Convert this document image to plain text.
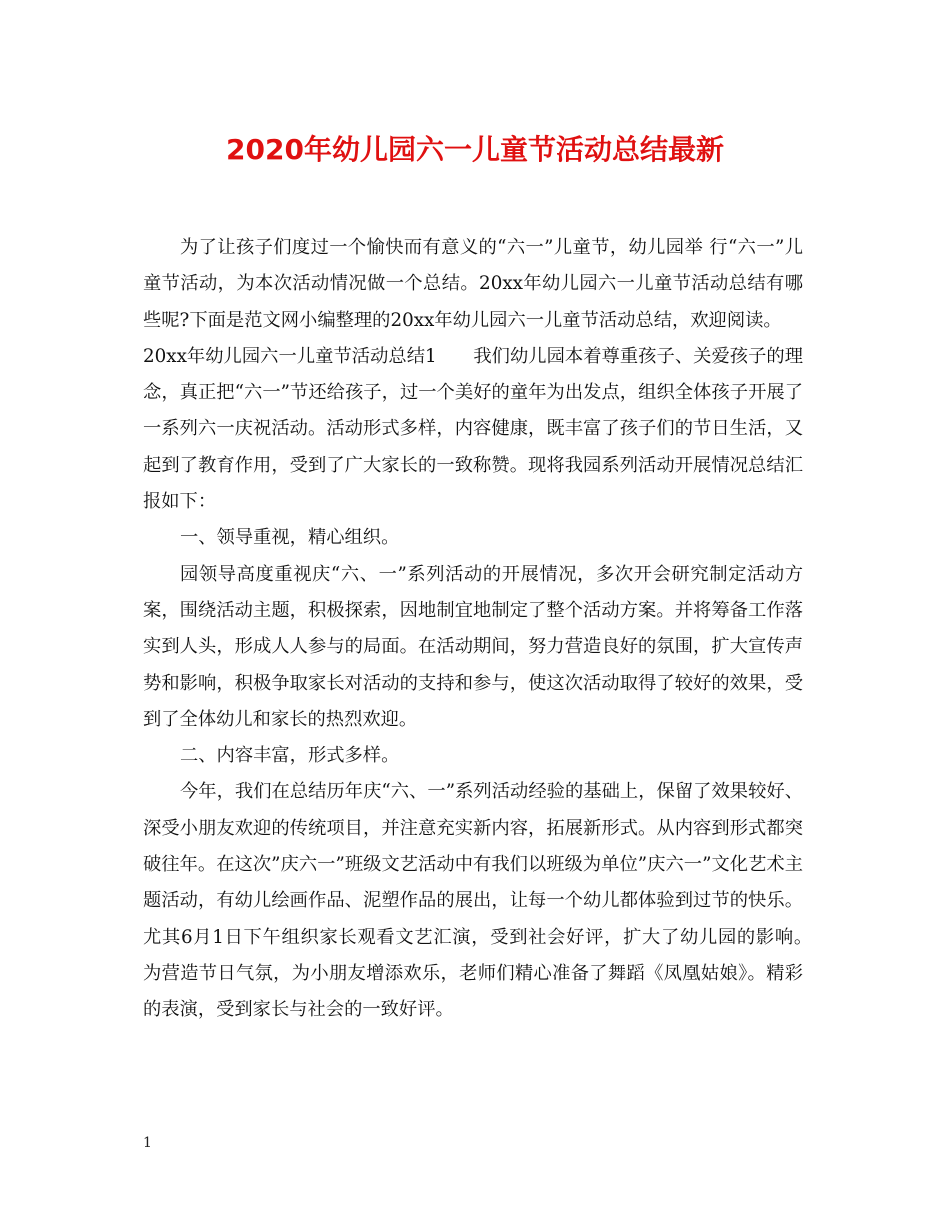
2020年幼儿园六一儿童节活动总结最新

为了让孩子们度过一个愉快而有意义的“六一”儿童节，幼儿园举 行“六一”儿童节活动，为本次活动情况做一个总结。20xx年幼儿园六一儿童节活动总结有哪些呢?下面是范文网小编整理的20xx年幼儿园六一儿童节活动总结，欢迎阅读。

20xx年幼儿园六一儿童节活动总结1　　我们幼儿园本着尊重孩子、关爱孩子的理念，真正把“六一”节还给孩子，过一个美好的童年为出发点，组织全体孩子开展了一系列六一庆祝活动。活动形式多样，内容健康，既丰富了孩子们的节日生活，又起到了教育作用，受到了广大家长的一致称赞。现将我园系列活动开展情况总结汇报如下：

一、领导重视，精心组织。

园领导高度重视庆“六、一”系列活动的开展情况，多次开会研究制定活动方案，围绕活动主题，积极探索，因地制宜地制定了整个活动方案。并将筹备工作落实到人头，形成人人参与的局面。在活动期间，努力营造良好的氛围，扩大宣传声势和影响，积极争取家长对活动的支持和参与，使这次活动取得了较好的效果，受到了全体幼儿和家长的热烈欢迎。

二、内容丰富，形式多样。

今年，我们在总结历年庆“六、一”系列活动经验的基础上，保留了效果较好、深受小朋友欢迎的传统项目，并注意充实新内容，拓展新形式。从内容到形式都突破往年。在这次”庆六一”班级文艺活动中有我们以班级为单位”庆六一”文化艺术主题活动，有幼儿绘画作品、泥塑作品的展出，让每一个幼儿都体验到过节的快乐。尤其6月1日下午组织家长观看文艺汇演，受到社会好评，扩大了幼儿园的影响。　为营造节日气氛，为小朋友增添欢乐，老师们精心准备了舞蹈《凤凰姑娘》。精彩的表演，受到家长与社会的一致好评。

1
